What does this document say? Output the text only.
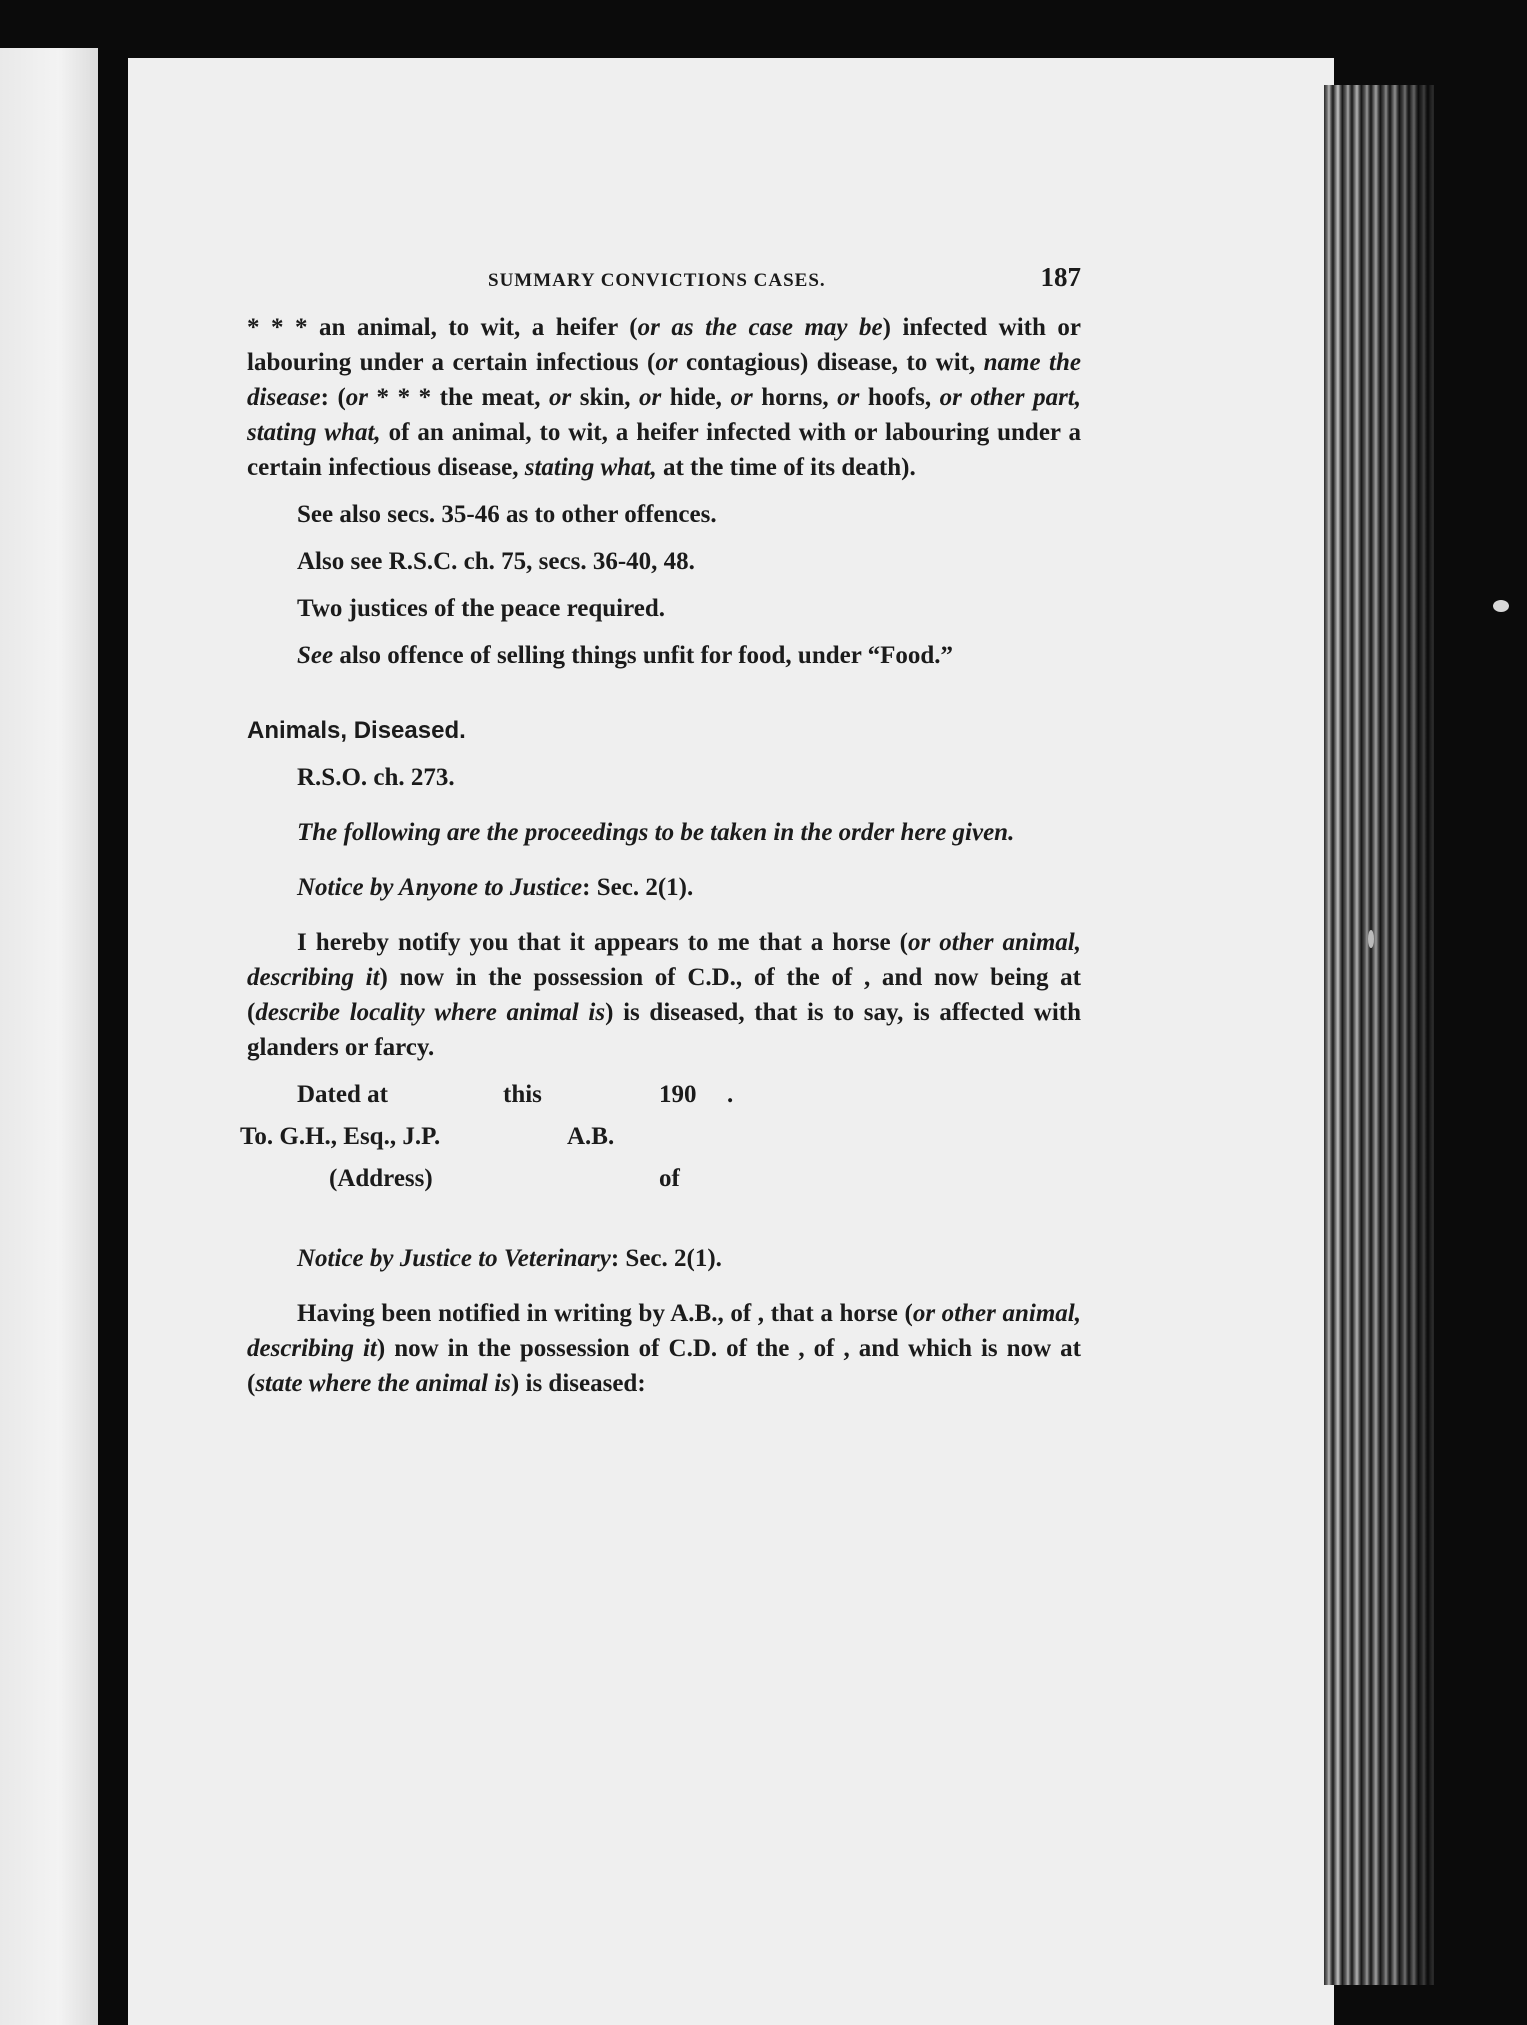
SUMMARY CONVICTIONS CASES.	187

* * * an animal, to wit, a heifer (or as the case may be) infected with or labouring under a certain infectious (or contagious) disease, to wit, name the disease: (or * * * the meat, or skin, or hide, or horns, or hoofs, or other part, stating what, of an animal, to wit, a heifer infected with or labouring under a certain infectious disease, stating what, at the time of its death).

See also secs. 35-46 as to other offences.

Also see R.S.C. ch. 75, secs. 36-40, 48.

Two justices of the peace required.

See also offence of selling things unfit for food, under “Food.”

Animals, Diseased.

R.S.O. ch. 273.

The following are the proceedings to be taken in the order here given.

Notice by Anyone to Justice: Sec. 2(1).

I hereby notify you that it appears to me that a horse (or other animal, describing it) now in the possession of C.D., of the of , and now being at (describe locality where animal is) is diseased, that is to say, is affected with glanders or farcy.

Dated at	this	190 .
To. G.H., Esq., J.P.	A.B.
(Address)	of

Notice by Justice to Veterinary: Sec. 2(1).

Having been notified in writing by A.B., of , that a horse (or other animal, describing it) now in the possession of C.D. of the , of , and which is now at (state where the animal is) is diseased:
